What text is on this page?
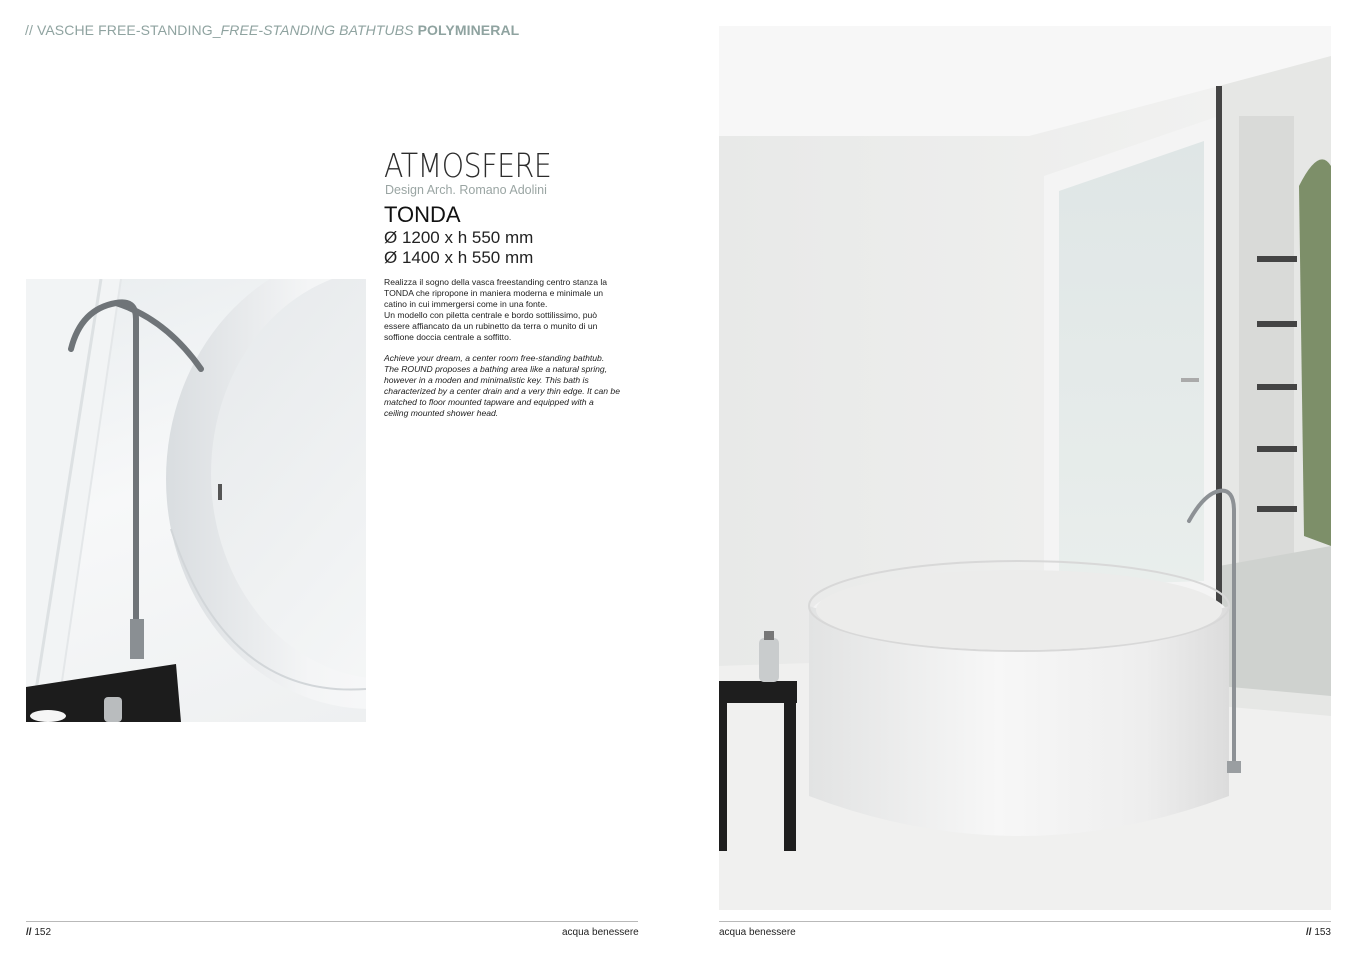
// VASCHE FREE-STANDING_FREE-STANDING BATHTUBS POLYMINERAL
ATMOSFERE
Design Arch. Romano Adolini
TONDA
Ø 1200 x h 550 mm
Ø 1400 x h 550 mm

Realizza il sogno della vasca freestanding centro stanza la TONDA che ripropone in maniera moderna e minimale un catino in cui immergersi come in una fonte.

Un modello con piletta centrale e bordo sottilissimo, può essere affiancato da un rubinetto da terra o munito di un soffione doccia centrale a soffitto.

Achieve your dream, a center room free-standing bathtub. The ROUND proposes a bathing area like a natural spring, however in a moden and minimalistic key. This bath is characterized by a center drain and a very thin edge. It can be matched to floor mounted tapware and equipped with a ceiling mounted shower head.

// 152	acqua benessere	acqua benessere	// 153
